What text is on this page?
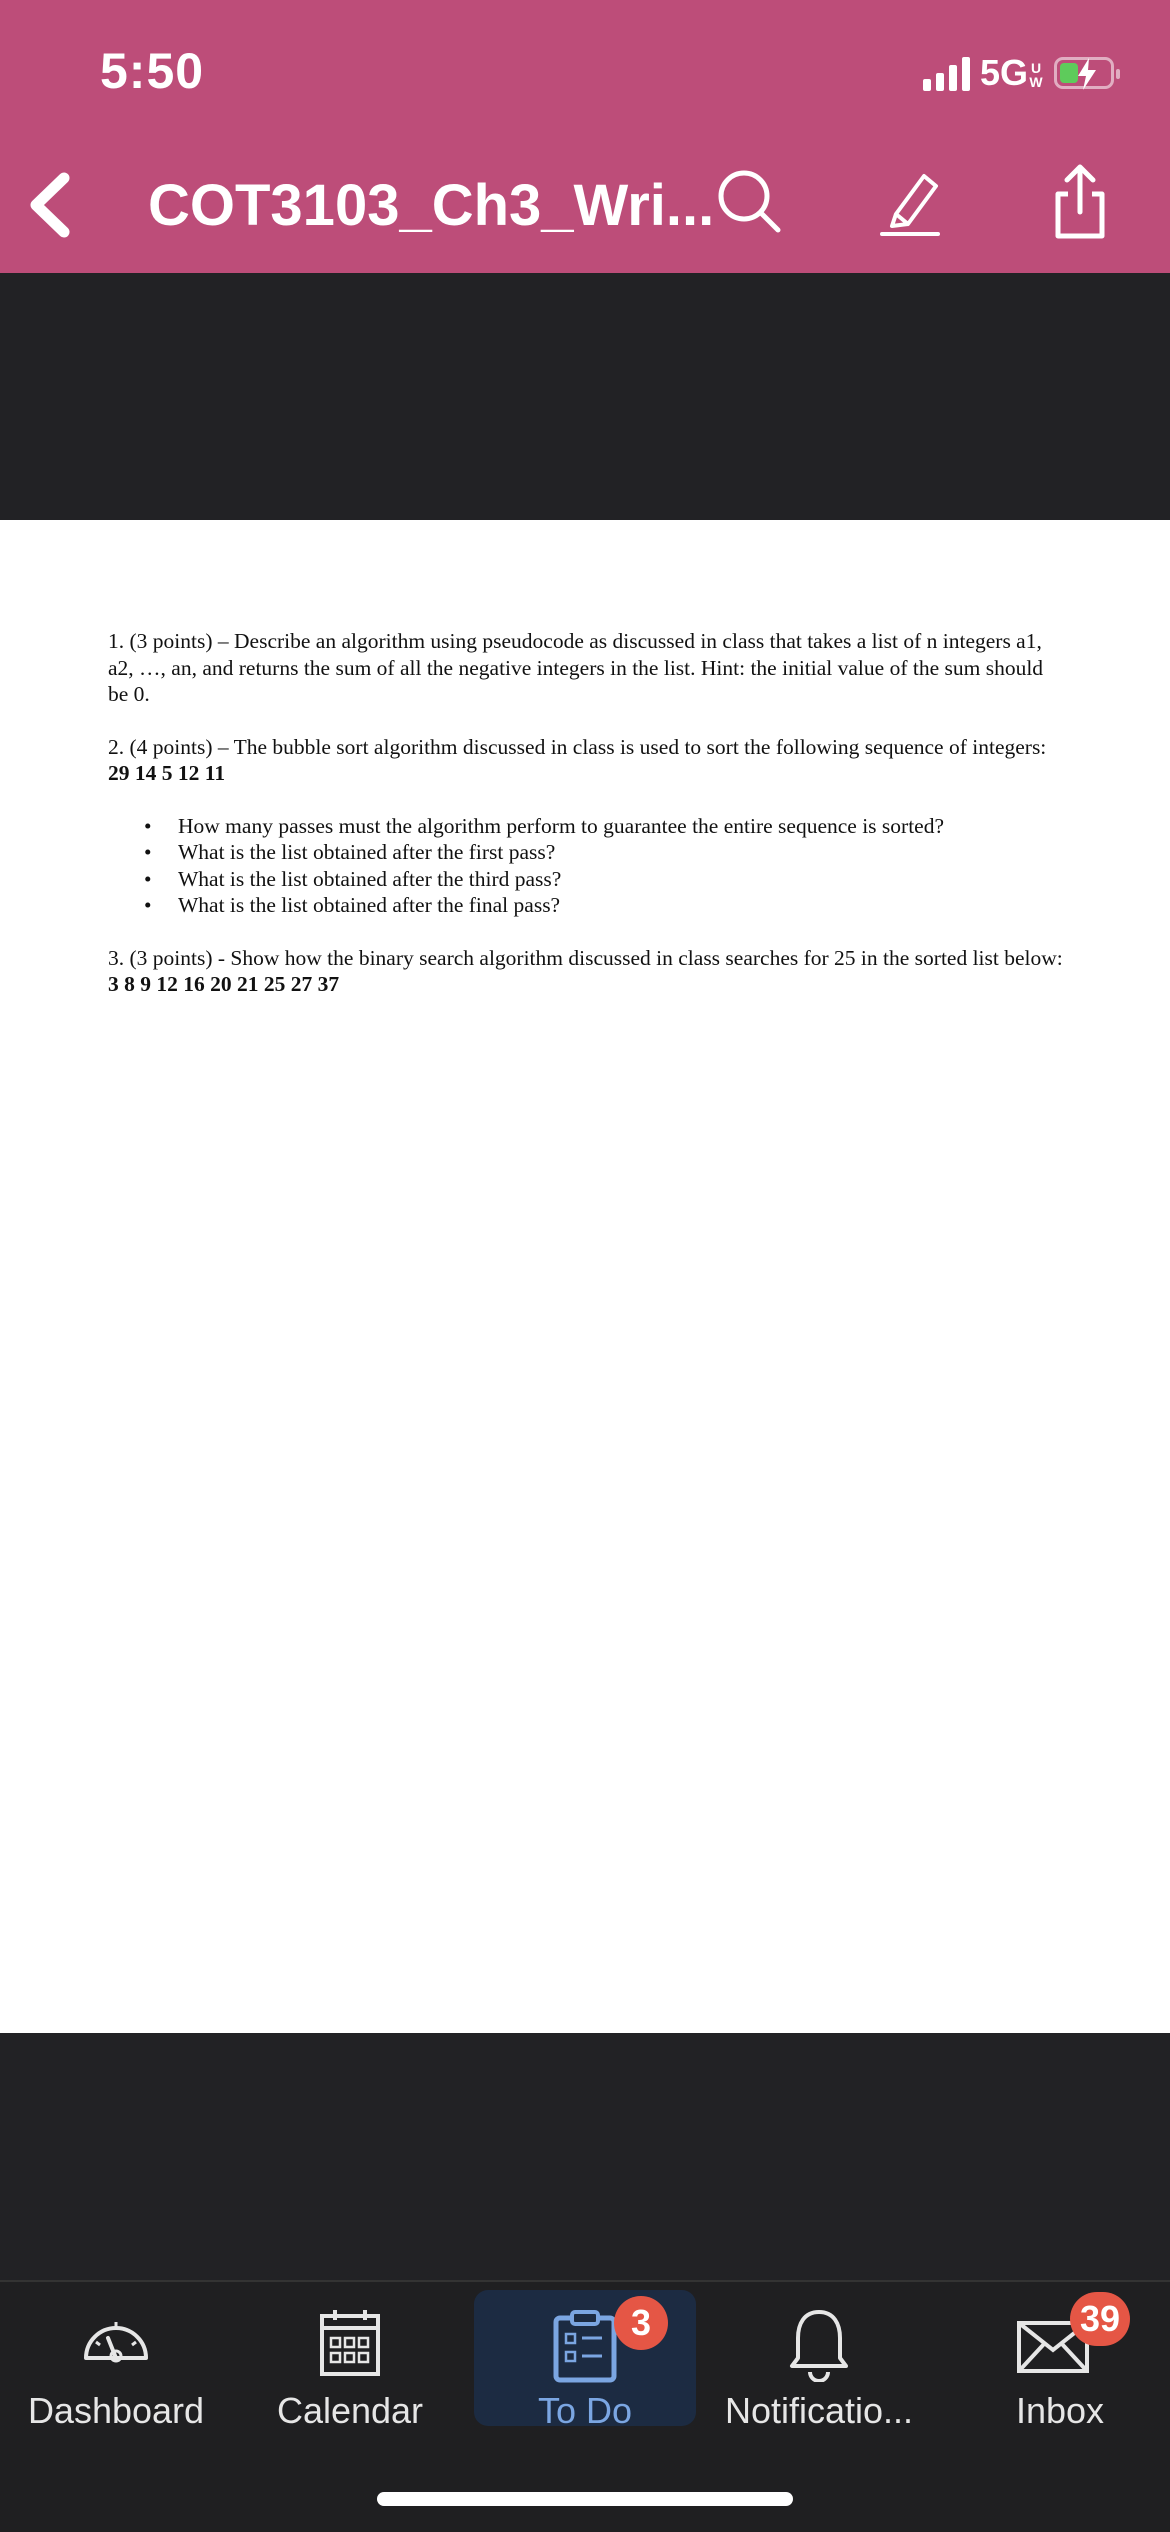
5:50	5G U
W
COT3103_Ch3_Wri...

1. (3 points) – Describe an algorithm using pseudocode as discussed in class that takes a list of n integers a1, a2, …, an, and returns the sum of all the negative integers in the list. Hint: the initial value of the sum should be 0.

2. (4 points) – The bubble sort algorithm discussed in class is used to sort the following sequence of integers: 29 14 5 12 11

• How many passes must the algorithm perform to guarantee the entire sequence is sorted?
• What is the list obtained after the first pass?
• What is the list obtained after the third pass?
• What is the list obtained after the final pass?

3. (3 points) - Show how the binary search algorithm discussed in class searches for 25 in the sorted list below: 3 8 9 12 16 20 21 25 27 37

Dashboard	Calendar
3
To Do	Notificatio...
39
Inbox
